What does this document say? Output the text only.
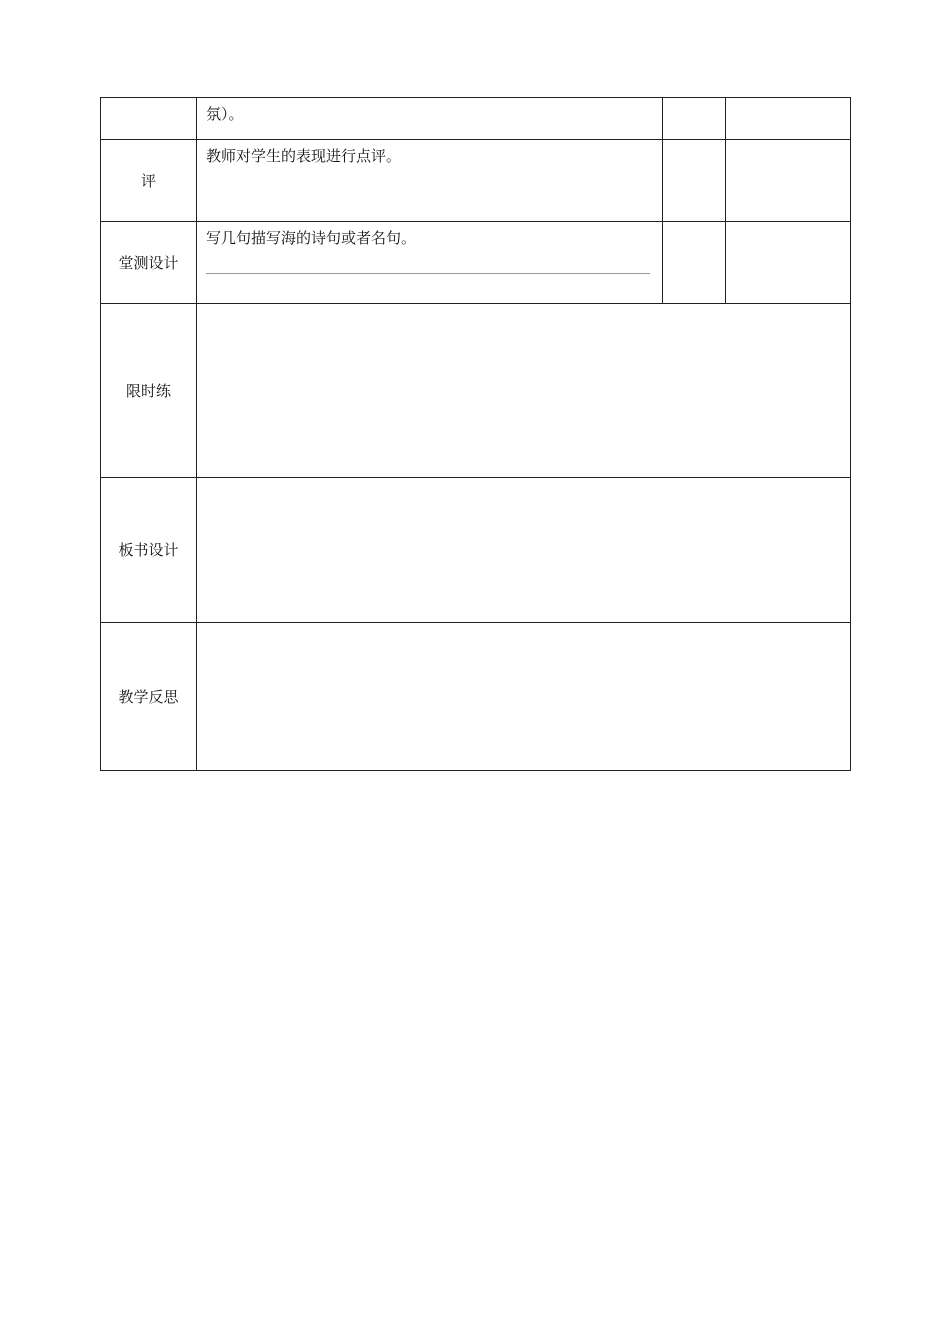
	氛）。		
评	教师对学生的表现进行点评。		
堂测设计	写几句描写海的诗句或者名句。		

限时练			
板书设计			
教学反思			
